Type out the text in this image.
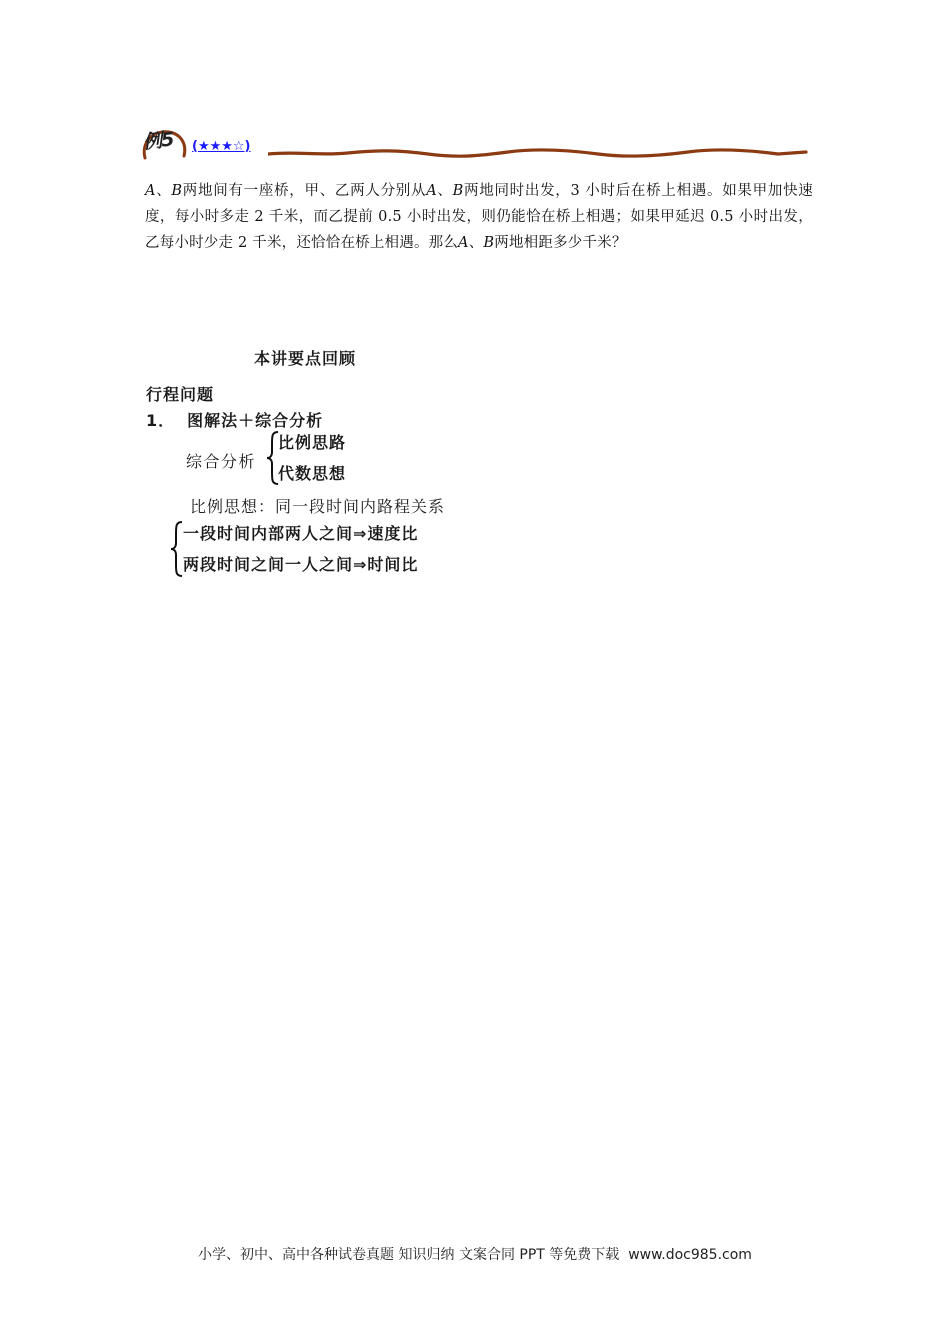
例5 (★★★☆)
A、B两地间有一座桥，甲、乙两人分别从A、B两地同时出发，3 小时后在桥上相遇。如果甲加快速度，每小时多走 2 千米，而乙提前 0.5 小时出发，则仍能恰在桥上相遇；如果甲延迟 0.5 小时出发，乙每小时少走 2 千米，还恰恰在桥上相遇。那么A、B两地相距多少千米？
本讲要点回顾
行程问题
1． 图解法＋综合分析
综合分析
比例思路
代数思想
比例思想：同一段时间内路程关系
一段时间内部两人之间⇒速度比
两段时间之间一人之间⇒时间比
小学、初中、高中各种试卷真题 知识归纳 文案合同 PPT 等免费下载 www.doc985.com
